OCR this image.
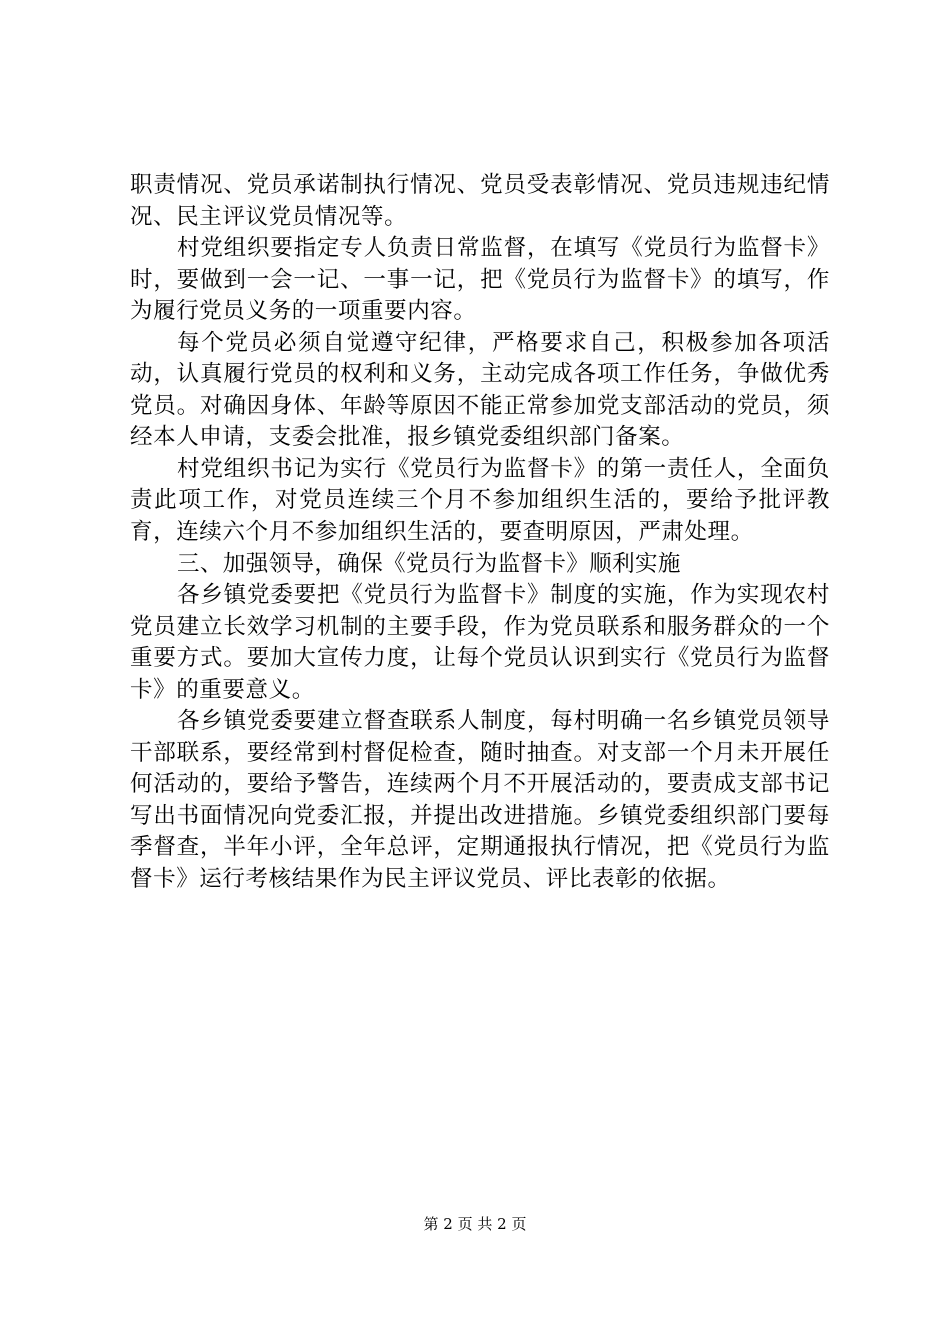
职责情况、党员承诺制执行情况、党员受表彰情况、党员违规违纪情况、民主评议党员情况等。

村党组织要指定专人负责日常监督，在填写《党员行为监督卡》时，要做到一会一记、一事一记，把《党员行为监督卡》的填写，作为履行党员义务的一项重要内容。

每个党员必须自觉遵守纪律，严格要求自己，积极参加各项活动，认真履行党员的权利和义务，主动完成各项工作任务，争做优秀党员。对确因身体、年龄等原因不能正常参加党支部活动的党员，须经本人申请，支委会批准，报乡镇党委组织部门备案。

村党组织书记为实行《党员行为监督卡》的第一责任人，全面负责此项工作，对党员连续三个月不参加组织生活的，要给予批评教育，连续六个月不参加组织生活的，要查明原因，严肃处理。

三、加强领导，确保《党员行为监督卡》顺利实施

各乡镇党委要把《党员行为监督卡》制度的实施，作为实现农村党员建立长效学习机制的主要手段，作为党员联系和服务群众的一个重要方式。要加大宣传力度，让每个党员认识到实行《党员行为监督卡》的重要意义。

各乡镇党委要建立督查联系人制度，每村明确一名乡镇党员领导干部联系，要经常到村督促检查，随时抽查。对支部一个月未开展任何活动的，要给予警告，连续两个月不开展活动的，要责成支部书记写出书面情况向党委汇报，并提出改进措施。乡镇党委组织部门要每季督查，半年小评，全年总评，定期通报执行情况，把《党员行为监督卡》运行考核结果作为民主评议党员、评比表彰的依据。

第 2 页 共 2 页
